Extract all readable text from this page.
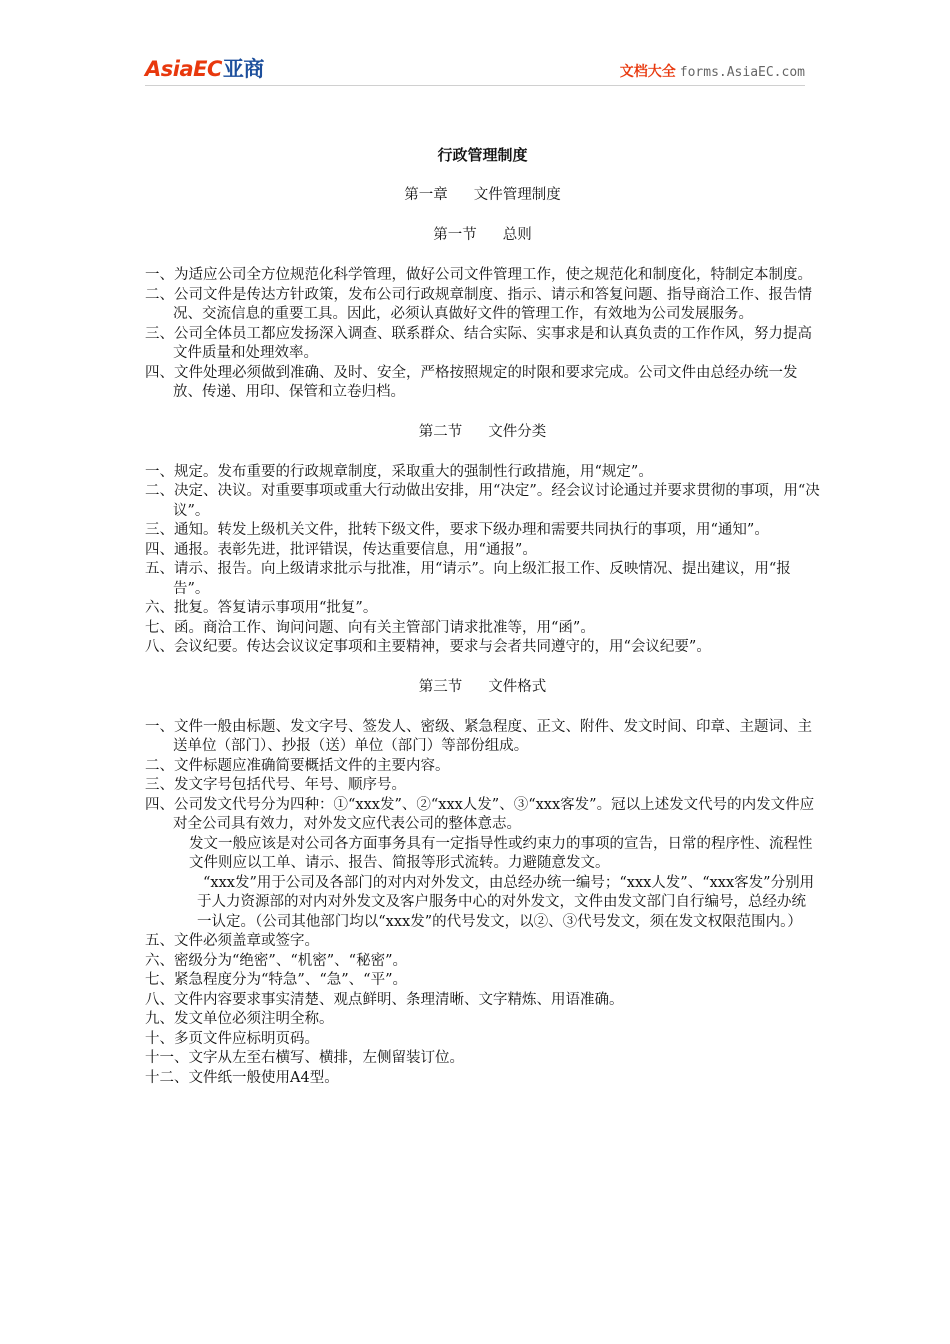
AsiaEC亚商	文档大全 forms.AsiaEC.com
行政管理制度
第一章 文件管理制度
第一节 总则
一、为适应公司全方位规范化科学管理，做好公司文件管理工作，使之规范化和制度化，特制定本制度。
二、公司文件是传达方针政策，发布公司行政规章制度、指示、请示和答复问题、指导商洽工作、报告情况、交流信息的重要工具。因此，必须认真做好文件的管理工作，有效地为公司发展服务。
三、公司全体员工都应发扬深入调查、联系群众、结合实际、实事求是和认真负责的工作作风，努力提高文件质量和处理效率。
四、文件处理必须做到准确、及时、安全，严格按照规定的时限和要求完成。公司文件由总经办统一发放、传递、用印、保管和立卷归档。
第二节 文件分类
一、规定。发布重要的行政规章制度，采取重大的强制性行政措施，用“规定”。
二、决定、决议。对重要事项或重大行动做出安排，用“决定”。经会议讨论通过并要求贯彻的事项，用“决议”。
三、通知。转发上级机关文件，批转下级文件，要求下级办理和需要共同执行的事项，用“通知”。
四、通报。表彰先进，批评错误，传达重要信息，用“通报”。
五、请示、报告。向上级请求批示与批准，用“请示”。向上级汇报工作、反映情况、提出建议，用“报告”。
六、批复。答复请示事项用“批复”。
七、函。商洽工作、询问问题、向有关主管部门请求批准等，用“函”。
八、会议纪要。传达会议议定事项和主要精神，要求与会者共同遵守的，用“会议纪要”。
第三节 文件格式
一、文件一般由标题、发文字号、签发人、密级、紧急程度、正文、附件、发文时间、印章、主题词、主送单位（部门）、抄报（送）单位（部门）等部份组成。
二、文件标题应准确简要概括文件的主要内容。
三、发文字号包括代号、年号、顺序号。
四、公司发文代号分为四种：①“xxx发”、②“xxx人发”、③“xxx客发”。冠以上述发文代号的内发文件应对全公司具有效力，对外发文应代表公司的整体意志。
发文一般应该是对公司各方面事务具有一定指导性或约束力的事项的宣告，日常的程序性、流程性文件则应以工单、请示、报告、简报等形式流转。力避随意发文。
“xxx发”用于公司及各部门的对内对外发文，由总经办统一编号；“xxx人发”、“xxx客发”分别用于人力资源部的对内对外发文及客户服务中心的对外发文，文件由发文部门自行编号，总经办统一认定。（公司其他部门均以“xxx发”的代号发文，以②、③代号发文，须在发文权限范围内。）
五、文件必须盖章或签字。
六、密级分为“绝密”、“机密”、“秘密”。
七、紧急程度分为“特急”、“急”、“平”。
八、文件内容要求事实清楚、观点鲜明、条理清晰、文字精炼、用语准确。
九、发文单位必须注明全称。
十、多页文件应标明页码。
十一、文字从左至右横写、横排，左侧留装订位。
十二、文件纸一般使用A4型。
